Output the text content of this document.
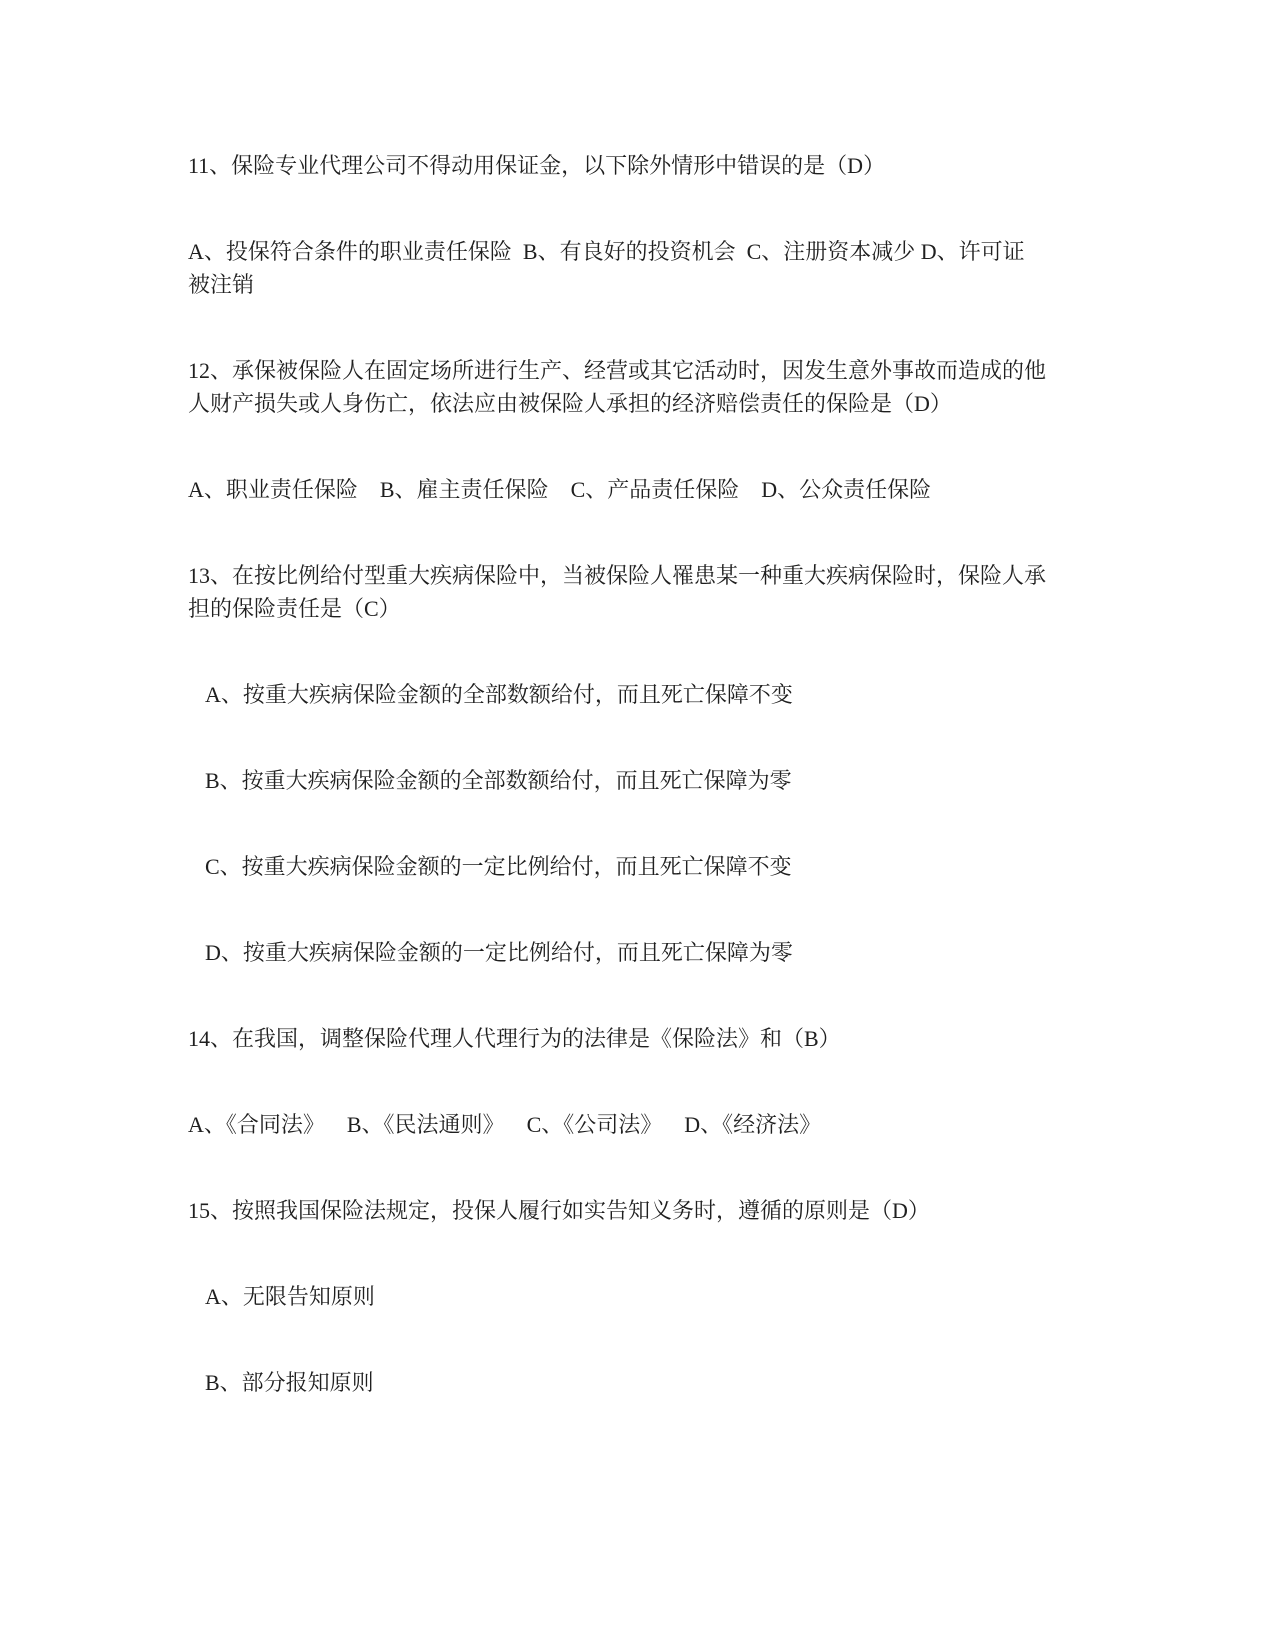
11、保险专业代理公司不得动用保证金，以下除外情形中错误的是（D）

A、投保符合条件的职业责任保险  B、有良好的投资机会  C、注册资本减少 D、许可证
被注销

12、承保被保险人在固定场所进行生产、经营或其它活动时，因发生意外事故而造成的他
人财产损失或人身伤亡，依法应由被保险人承担的经济赔偿责任的保险是（D）

A、职业责任保险    B、雇主责任保险    C、产品责任保险    D、公众责任保险

13、在按比例给付型重大疾病保险中，当被保险人罹患某一种重大疾病保险时，保险人承
担的保险责任是（C）

A、按重大疾病保险金额的全部数额给付，而且死亡保障不变

B、按重大疾病保险金额的全部数额给付，而且死亡保障为零

C、按重大疾病保险金额的一定比例给付，而且死亡保障不变

D、按重大疾病保险金额的一定比例给付，而且死亡保障为零

14、在我国，调整保险代理人代理行为的法律是《保险法》和（B）

A、《合同法》    B、《民法通则》    C、《公司法》    D、《经济法》

15、按照我国保险法规定，投保人履行如实告知义务时，遵循的原则是（D）

A、无限告知原则

B、部分报知原则
